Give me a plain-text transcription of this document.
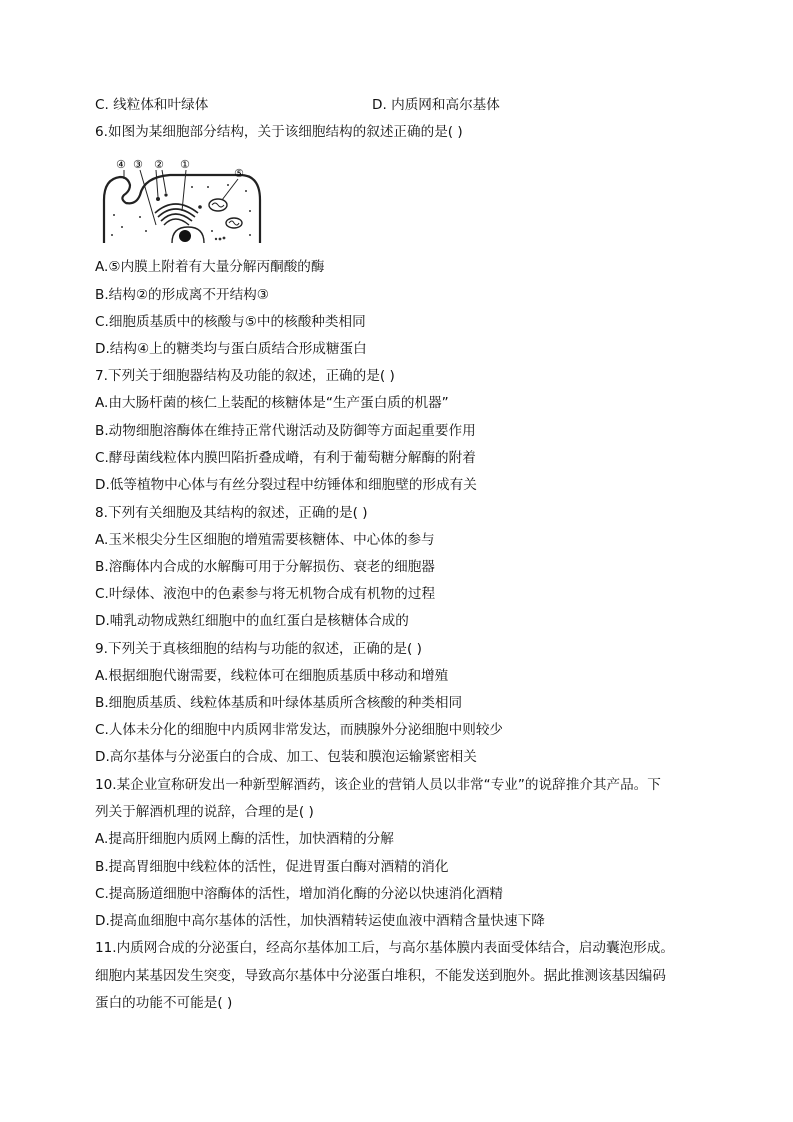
C. 线粒体和叶绿体	D. 内质网和高尔基体
6.如图为某细胞部分结构，关于该细胞结构的叙述正确的是( )
④ ③ ② ①
⑤
A.⑤内膜上附着有大量分解丙酮酸的酶
B.结构②的形成离不开结构③
C.细胞质基质中的核酸与⑤中的核酸种类相同
D.结构④上的糖类均与蛋白质结合形成糖蛋白
7.下列关于细胞器结构及功能的叙述，正确的是( )
A.由大肠杆菌的核仁上装配的核糖体是“生产蛋白质的机器”
B.动物细胞溶酶体在维持正常代谢活动及防御等方面起重要作用
C.酵母菌线粒体内膜凹陷折叠成嵴，有利于葡萄糖分解酶的附着
D.低等植物中心体与有丝分裂过程中纺锤体和细胞壁的形成有关
8.下列有关细胞及其结构的叙述，正确的是( )
A.玉米根尖分生区细胞的增殖需要核糖体、中心体的参与
B.溶酶体内合成的水解酶可用于分解损伤、衰老的细胞器
C.叶绿体、液泡中的色素参与将无机物合成有机物的过程
D.哺乳动物成熟红细胞中的血红蛋白是核糖体合成的
9.下列关于真核细胞的结构与功能的叙述，正确的是( )
A.根据细胞代谢需要，线粒体可在细胞质基质中移动和增殖
B.细胞质基质、线粒体基质和叶绿体基质所含核酸的种类相同
C.人体未分化的细胞中内质网非常发达，而胰腺外分泌细胞中则较少
D.高尔基体与分泌蛋白的合成、加工、包装和膜泡运输紧密相关
10.某企业宣称研发出一种新型解酒药，该企业的营销人员以非常“专业”的说辞推介其产品。下
列关于解酒机理的说辞，合理的是( )
A.提高肝细胞内质网上酶的活性，加快酒精的分解
B.提高胃细胞中线粒体的活性，促进胃蛋白酶对酒精的消化
C.提高肠道细胞中溶酶体的活性，增加消化酶的分泌以快速消化酒精
D.提高血细胞中高尔基体的活性，加快酒精转运使血液中酒精含量快速下降
11.内质网合成的分泌蛋白，经高尔基体加工后，与高尔基体膜内表面受体结合，启动囊泡形成。
细胞内某基因发生突变，导致高尔基体中分泌蛋白堆积，不能发送到胞外。据此推测该基因编码
蛋白的功能不可能是( )
